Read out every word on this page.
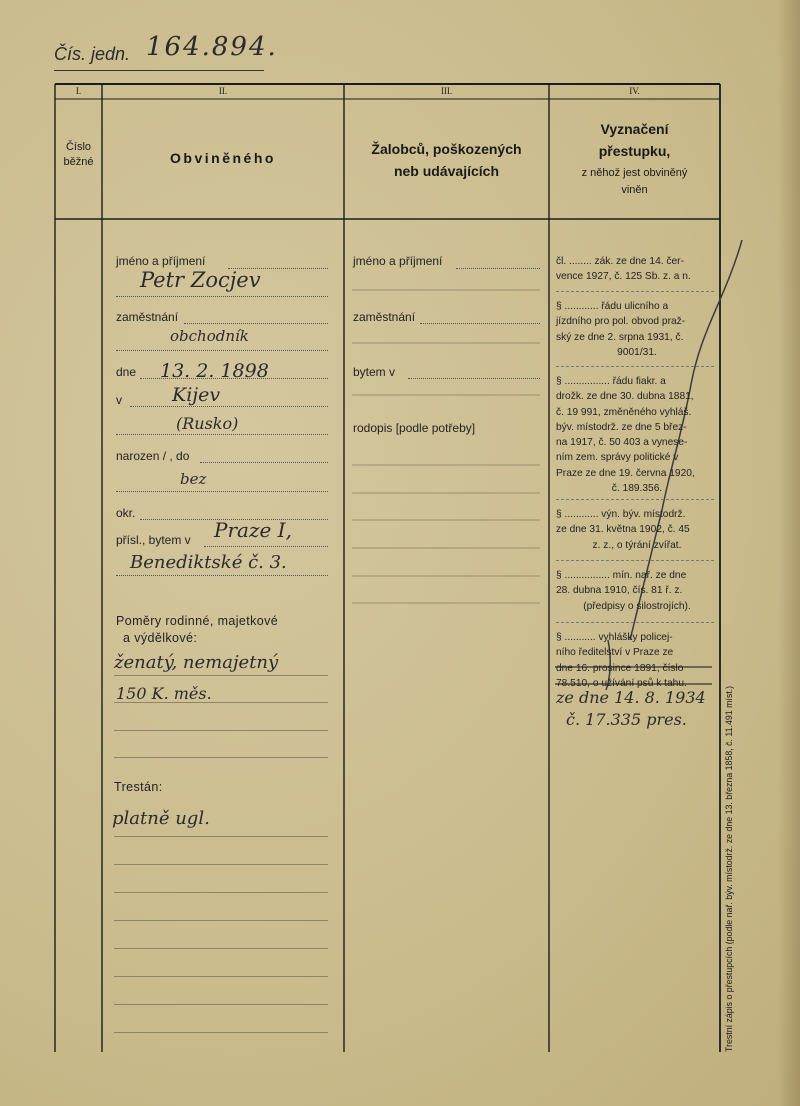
Čís. jedn. 164.894.
I.	II.	III.	IV.
Číslo
běžné	Obviněného
Žalobců, poškozených
neb udávajících
Vyznačení
přestupku,
z něhož jest obviněný
viněn
jméno a příjmení
Petr Zocjev
zaměstnání
obchodník
dne 13. 2. 1898
v	Kijev
(Rusko)
narozen / , do
bez
okr.
přísl., bytem v Praze I,
Benediktské č. 3.
Poměry rodinné, majetkové
a výdělkové:
ženatý, nemajetný
150 K. měs.
Trestán:
platně ugl.
jméno a příjmení
zaměstnání
bytem v
rodopis [podle potřeby]
čl. ........ zák. ze dne 14. čer-
vence 1927, č. 125 Sb. z. a n.
§ ............ řádu ulicního a
jízdního pro pol. obvod praž-
ský ze dne 2. srpna 1931, č.
9001/31.
§ ................ řádu fiakr. a
drožk. ze dne 30. dubna 1881,
č. 19 991, změněného vyhláš.
býv. místodrž. ze dne 5 břez-
na 1917, č. 50 403 a vynese-
ním zem. správy politické v
Praze ze dne 19. června 1920,
č. 189.356.
§ ............ výn. býv. místodrž.
ze dne 31. května 1902, č. 45
z. z., o týrání zvířat.
§ ................ mín. nař. ze dne
28. dubna 1910, čís. 81 ř. z.
(předpisy o silostrojích).
§ ........... vyhlášky policej-
ního ředitelství v Praze ze
dne 16. prosince 1891, číslo
78.510, o užívání psů k tahu.
ze dne 14. 8. 1934
č. 17.335 pres.	Trestní zápis o přestupcích (podle nař. býv. místodrž. ze dne 13. března 1858, č. 11.491 míst.)
